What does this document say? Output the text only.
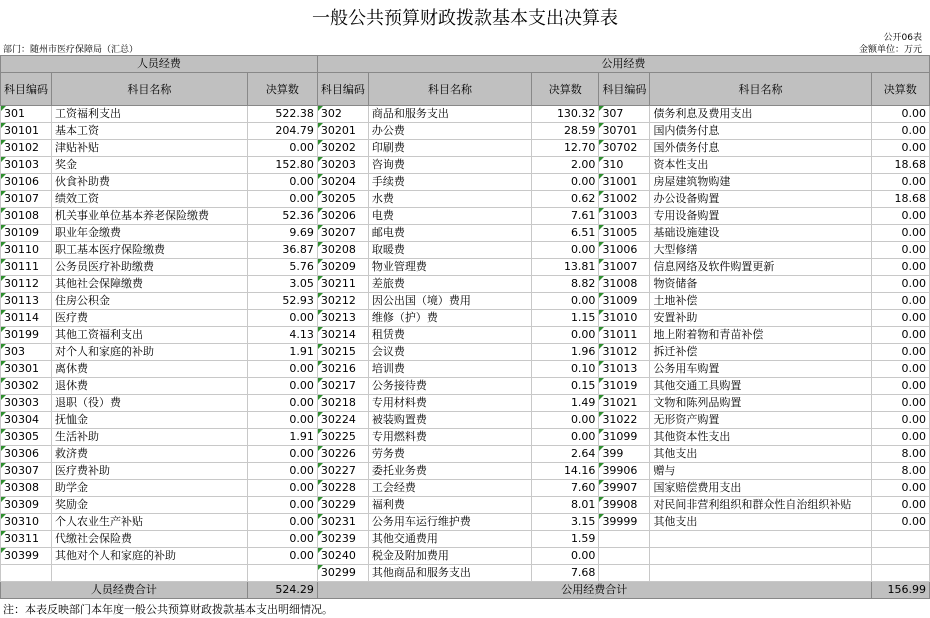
一般公共预算财政拨款基本支出决算表
公开06表
部门：随州市医疗保障局（汇总）	金额单位：万元
人员经费			公用经费					
科目编码	科目名称	决算数	科目编码	科目名称	决算数	科目编码	科目名称	决算数
301	工资福利支出	522.38	302	商品和服务支出	130.32	307	债务利息及费用支出	0.00
30101	基本工资	204.79	30201	办公费	28.59	30701	国内债务付息	0.00
30102	津贴补贴	0.00	30202	印刷费	12.70	30702	国外债务付息	0.00
30103	奖金	152.80	30203	咨询费	2.00	310	资本性支出	18.68
30106	伙食补助费	0.00	30204	手续费	0.00	31001	房屋建筑物购建	0.00
30107	绩效工资	0.00	30205	水费	0.62	31002	办公设备购置	18.68
30108	机关事业单位基本养老保险缴费	52.36	30206	电费	7.61	31003	专用设备购置	0.00
30109	职业年金缴费	9.69	30207	邮电费	6.51	31005	基础设施建设	0.00
30110	职工基本医疗保险缴费	36.87	30208	取暖费	0.00	31006	大型修缮	0.00
30111	公务员医疗补助缴费	5.76	30209	物业管理费	13.81	31007	信息网络及软件购置更新	0.00
30112	其他社会保障缴费	3.05	30211	差旅费	8.82	31008	物资储备	0.00
30113	住房公积金	52.93	30212	因公出国（境）费用	0.00	31009	土地补偿	0.00
30114	医疗费	0.00	30213	维修（护）费	1.15	31010	安置补助	0.00
30199	其他工资福利支出	4.13	30214	租赁费	0.00	31011	地上附着物和青苗补偿	0.00
303	对个人和家庭的补助	1.91	30215	会议费	1.96	31012	拆迁补偿	0.00
30301	离休费	0.00	30216	培训费	0.10	31013	公务用车购置	0.00
30302	退休费	0.00	30217	公务接待费	0.15	31019	其他交通工具购置	0.00
30303	退职（役）费	0.00	30218	专用材料费	1.49	31021	文物和陈列品购置	0.00
30304	抚恤金	0.00	30224	被装购置费	0.00	31022	无形资产购置	0.00
30305	生活补助	1.91	30225	专用燃料费	0.00	31099	其他资本性支出	0.00
30306	救济费	0.00	30226	劳务费	2.64	399	其他支出	8.00
30307	医疗费补助	0.00	30227	委托业务费	14.16	39906	赠与	8.00
30308	助学金	0.00	30228	工会经费	7.60	39907	国家赔偿费用支出	0.00
30309	奖励金	0.00	30229	福利费	8.01	39908	对民间非营利组织和群众性自治组织补贴	0.00
30310	个人农业生产补贴	0.00	30231	公务用车运行维护费	3.15	39999	其他支出	0.00
30311	代缴社会保险费	0.00	30239	其他交通费用	1.59			
30399	其他对个人和家庭的补助	0.00	30240	税金及附加费用	0.00			
			30299	其他商品和服务支出	7.68			
人员经费合计		524.29	公用经费合计					156.99
注：本表反映部门本年度一般公共预算财政拨款基本支出明细情况。
